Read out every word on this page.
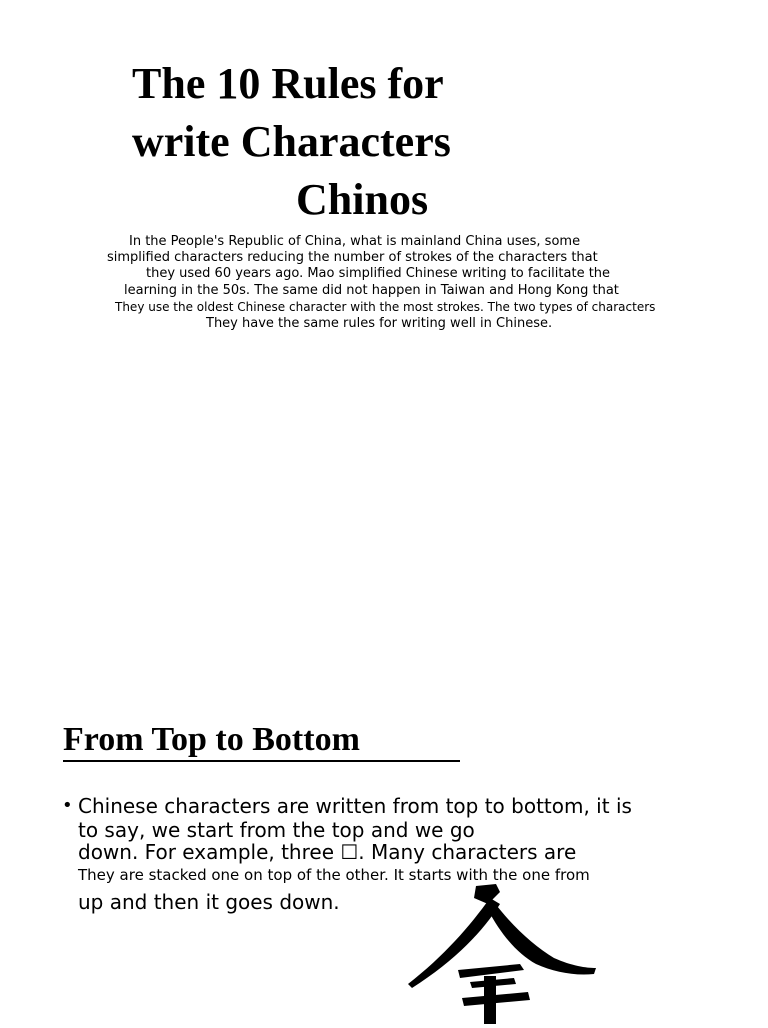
The 10 Rules for
write Characters
Chinos

In the People's Republic of China, what is mainland China uses, some

simplified characters reducing the number of strokes of the characters that

they used 60 years ago. Mao simplified Chinese writing to facilitate the

learning in the 50s. The same did not happen in Taiwan and Hong Kong that

They use the oldest Chinese character with the most strokes. The two types of characters

They have the same rules for writing well in Chinese.

From Top to Bottom
• Chinese characters are written from top to bottom, it is

to say, we start from the top and we go

down. For example, three ☐. Many characters are

They are stacked one on top of the other. It starts with the one from

up and then it goes down.
